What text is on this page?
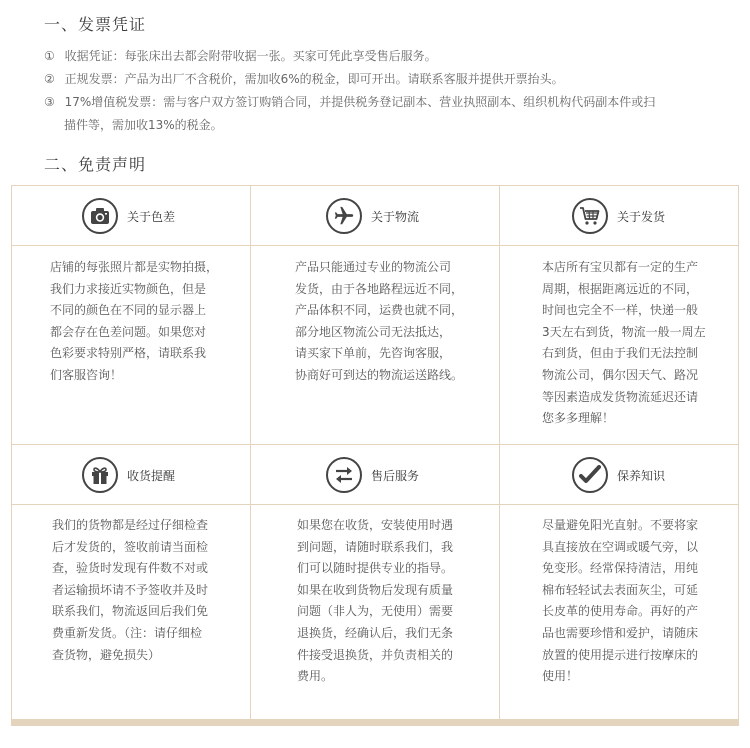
一、发票凭证
① 收据凭证：每张床出去都会附带收据一张。买家可凭此享受售后服务。
② 正规发票：产品为出厂不含税价，需加收6%的税金，即可开出。请联系客服并提供开票抬头。
③ 17%增值税发票：需与客户双方签订购销合同，并提供税务登记副本、营业执照副本、组织机构代码副本件或扫
描件等，需加收13%的税金。
二、免责声明
关于色差
店铺的每张照片都是实物拍摄，
我们力求接近实物颜色，但是
不同的颜色在不同的显示器上
都会存在色差问题。如果您对
色彩要求特别严格，请联系我
们客服咨询！
关于物流
产品只能通过专业的物流公司
发货，由于各地路程远近不同，
产品体积不同，运费也就不同，
部分地区物流公司无法抵达，
请买家下单前，先咨询客服，
协商好可到达的物流运送路线。
关于发货
本店所有宝贝都有一定的生产
周期，根据距离远近的不同，
时间也完全不一样，快递一般
3天左右到货，物流一般一周左
右到货，但由于我们无法控制
物流公司，偶尔因天气、路况
等因素造成发货物流延迟还请
您多多理解！
收货提醒
我们的货物都是经过仔细检查
后才发货的，签收前请当面检
查，验货时发现有件数不对或
者运输损坏请不予签收并及时
联系我们，物流返回后我们免
费重新发货。（注：请仔细检
查货物，避免损失）
售后服务
如果您在收货，安装使用时遇
到问题，请随时联系我们，我
们可以随时提供专业的指导。
如果在收到货物后发现有质量
问题（非人为，无使用）需要
退换货，经确认后，我们无条
件接受退换货，并负责相关的
费用。
保养知识
尽量避免阳光直射。不要将家
具直接放在空调或暖气旁，以
免变形。经常保持清洁，用纯
棉布轻轻试去表面灰尘，可延
长皮革的使用寿命。再好的产
品也需要珍惜和爱护，请随床
放置的使用提示进行按摩床的
使用！
